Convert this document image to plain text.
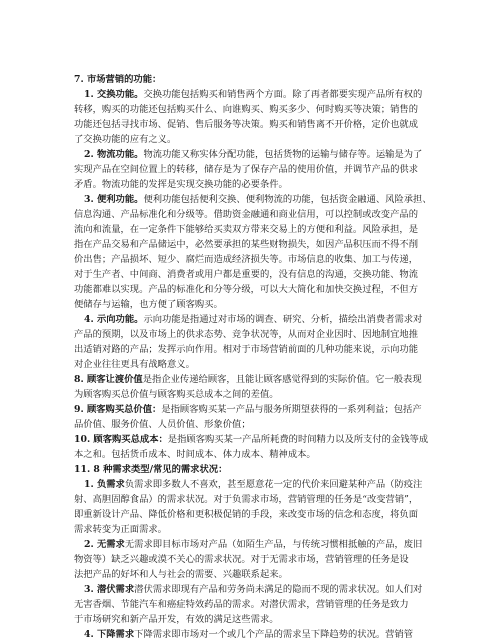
7. 市场营销的功能：
1. 交换功能。交换功能包括购买和销售两个方面。除了再者都要实现产品所有权的
转移，购买的功能还包括购买什么、向谁购买、购买多少、何时购买等决策；销售的
功能还包括寻找市场、促销、售后服务等决策。购买和销售离不开价格，定价也就成
了交换功能的应有之义。
2. 物流功能。物流功能又称实体分配功能，包括货物的运输与储存等。运输是为了
实现产品在空间位置上的转移，储存是为了保存产品的使用价值，并调节产品的供求
矛盾。物流功能的发挥是实现交换功能的必要条件。
3. 便利功能。便利功能包括便利交换、便利物流的功能，包括资金融通、风险承担、
信息沟通、产品标准化和分级等。借助资金融通和商业信用，可以控制或改变产品的
流向和流量，在一定条件下能够给买卖双方带来交易上的方便和利益。风险承担，是
指在产品交易和产品储运中，必然要承担的某些财物损失，如因产品积压而不得不削
价出售；产品损坏、短少、腐烂而造成经济损失等。市场信息的收集、加工与传递，
对于生产者、中间商、消费者或用户都是重要的，没有信息的沟通，交换功能、物流
功能都难以实现。产品的标准化和分等分级，可以大大简化和加快交换过程，不但方
便储存与运输，也方便了顾客购买。
4. 示向功能。示向功能是指通过对市场的调查、研究、分析，描绘出消费者需求对
产品的预期，以及市场上的供求态势、竞争状况等，从而对企业因时、因地制宜地推
出适销对路的产品；发挥示向作用。相对于市场营销前面的几种功能来说，示向功能
对企业往往更具有战略意义。
8. 顾客让渡价值是指企业传递给顾客，且能让顾客感觉得到的实际价值。它一般表现
为顾客购买总价值与顾客购买总成本之间的差值。
9. 顾客购买总价值：是指顾客购买某一产品与服务所期望获得的一系列利益；包括产
品价值、服务价值、人员价值、形象价值；
10. 顾客购买总成本：是指顾客购买某一产品所耗费的时间精力以及所支付的金钱等成
本之和。包括货币成本、时间成本、体力成本、精神成本。
11. 8 种需求类型/常见的需求状况：
1. 负需求负需求即多数人不喜欢，甚至愿意花一定的代价来回避某种产品（防疫注
射、高胆固醇食品）的需求状况。对于负需求市场，营销管理的任务是“改变营销”，
即重新设计产品、降低价格和更积极促销的手段，来改变市场的信念和态度，将负面
需求转变为正面需求。
2. 无需求无需求即目标市场对产品（如陌生产品，与传统习惯相抵触的产品，废旧
物资等）缺乏兴趣或漠不关心的需求状况。对于无需求市场，营销管理的任务是设
法把产品的好坏和人与社会的需要、兴趣联系起来。
3. 潜伏需求潜伏需求即现有产品和劳务尚未满足的隐而不现的需求状况。如人们对
无害香烟、节能汽车和癌症特效药品的需求。对潜伏需求，营销管理的任务是致力
于市场研究和新产品开发，有效的满足这些需求。
4. 下降需求下降需求即市场对一个或几个产品的需求呈下降趋势的状况。营销管
